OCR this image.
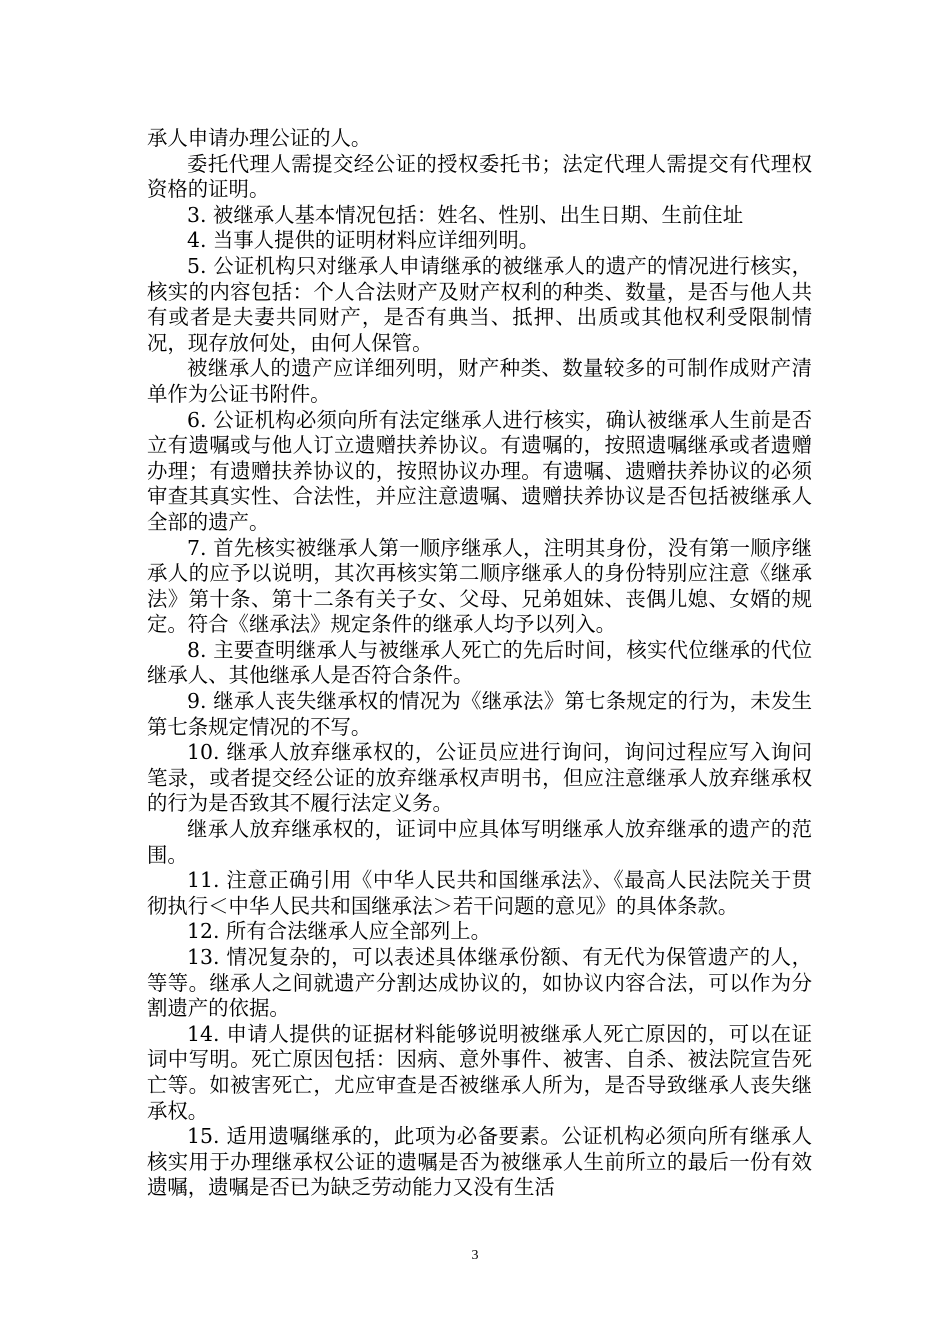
承人申请办理公证的人。

委托代理人需提交经公证的授权委托书；法定代理人需提交有代理权资格的证明。

3. 被继承人基本情况包括：姓名、性别、出生日期、生前住址

4. 当事人提供的证明材料应详细列明。

5. 公证机构只对继承人申请继承的被继承人的遗产的情况进行核实，核实的内容包括：个人合法财产及财产权利的种类、数量，是否与他人共有或者是夫妻共同财产，是否有典当、抵押、出质或其他权利受限制情况，现存放何处，由何人保管。

被继承人的遗产应详细列明，财产种类、数量较多的可制作成财产清单作为公证书附件。

6. 公证机构必须向所有法定继承人进行核实，确认被继承人生前是否立有遗嘱或与他人订立遗赠扶养协议。有遗嘱的，按照遗嘱继承或者遗赠办理；有遗赠扶养协议的，按照协议办理。有遗嘱、遗赠扶养协议的必须审查其真实性、合法性，并应注意遗嘱、遗赠扶养协议是否包括被继承人全部的遗产。

7. 首先核实被继承人第一顺序继承人，注明其身份，没有第一顺序继承人的应予以说明，其次再核实第二顺序继承人的身份特别应注意《继承法》第十条、第十二条有关子女、父母、兄弟姐妹、丧偶儿媳、女婿的规定。符合《继承法》规定条件的继承人均予以列入。

8. 主要查明继承人与被继承人死亡的先后时间，核实代位继承的代位继承人、其他继承人是否符合条件。

9. 继承人丧失继承权的情况为《继承法》第七条规定的行为，未发生第七条规定情况的不写。

10. 继承人放弃继承权的，公证员应进行询问，询问过程应写入询问笔录，或者提交经公证的放弃继承权声明书，但应注意继承人放弃继承权的行为是否致其不履行法定义务。

继承人放弃继承权的，证词中应具体写明继承人放弃继承的遗产的范围。

11. 注意正确引用《中华人民共和国继承法》、《最高人民法院关于贯彻执行＜中华人民共和国继承法＞若干问题的意见》的具体条款。

12. 所有合法继承人应全部列上。

13. 情况复杂的，可以表述具体继承份额、有无代为保管遗产的人，等等。继承人之间就遗产分割达成协议的，如协议内容合法，可以作为分割遗产的依据。

14. 申请人提供的证据材料能够说明被继承人死亡原因的，可以在证词中写明。死亡原因包括：因病、意外事件、被害、自杀、被法院宣告死亡等。如被害死亡，尤应审查是否被继承人所为，是否导致继承人丧失继承权。

15. 适用遗嘱继承的，此项为必备要素。公证机构必须向所有继承人核实用于办理继承权公证的遗嘱是否为被继承人生前所立的最后一份有效遗嘱，遗嘱是否已为缺乏劳动能力又没有生活

3
